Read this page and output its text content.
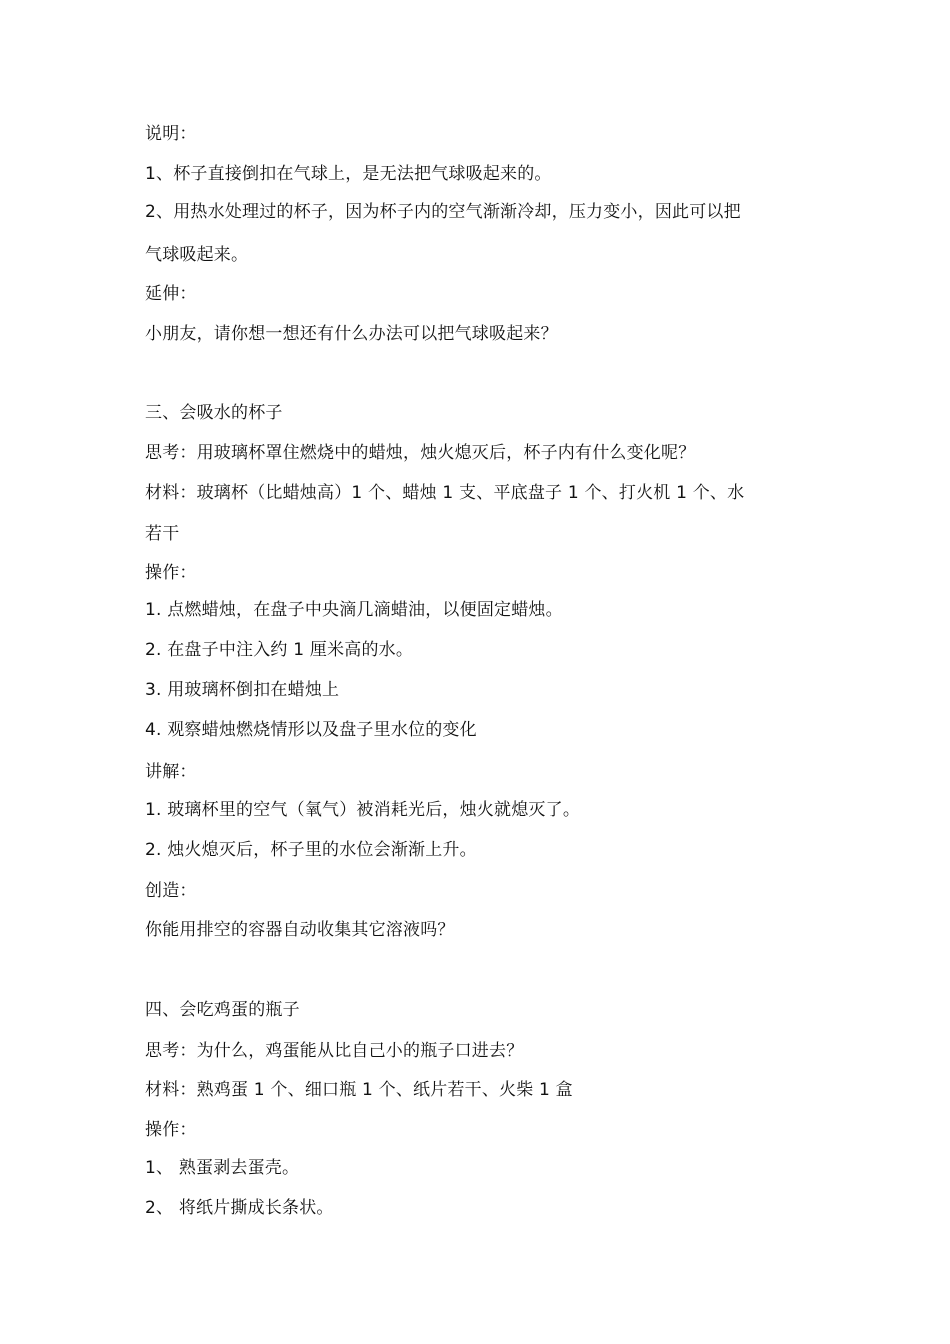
说明：
1、杯子直接倒扣在气球上，是无法把气球吸起来的。
2、用热水处理过的杯子，因为杯子内的空气渐渐冷却，压力变小，因此可以把
气球吸起来。
延伸：
小朋友，请你想一想还有什么办法可以把气球吸起来？
三、会吸水的杯子
思考：用玻璃杯罩住燃烧中的蜡烛，烛火熄灭后，杯子内有什么变化呢？
材料：玻璃杯（比蜡烛高）1 个、蜡烛 1 支、平底盘子 1 个、打火机 1 个、水
若干
操作：
1. 点燃蜡烛，在盘子中央滴几滴蜡油，以便固定蜡烛。
2. 在盘子中注入约 1 厘米高的水。
3. 用玻璃杯倒扣在蜡烛上
4. 观察蜡烛燃烧情形以及盘子里水位的变化
讲解：
1. 玻璃杯里的空气（氧气）被消耗光后，烛火就熄灭了。
2. 烛火熄灭后，杯子里的水位会渐渐上升。
创造：
你能用排空的容器自动收集其它溶液吗？
四、会吃鸡蛋的瓶子
思考：为什么，鸡蛋能从比自己小的瓶子口进去？
材料：熟鸡蛋 1 个、细口瓶 1 个、纸片若干、火柴 1 盒
操作：
1、 熟蛋剥去蛋壳。
2、 将纸片撕成长条状。
